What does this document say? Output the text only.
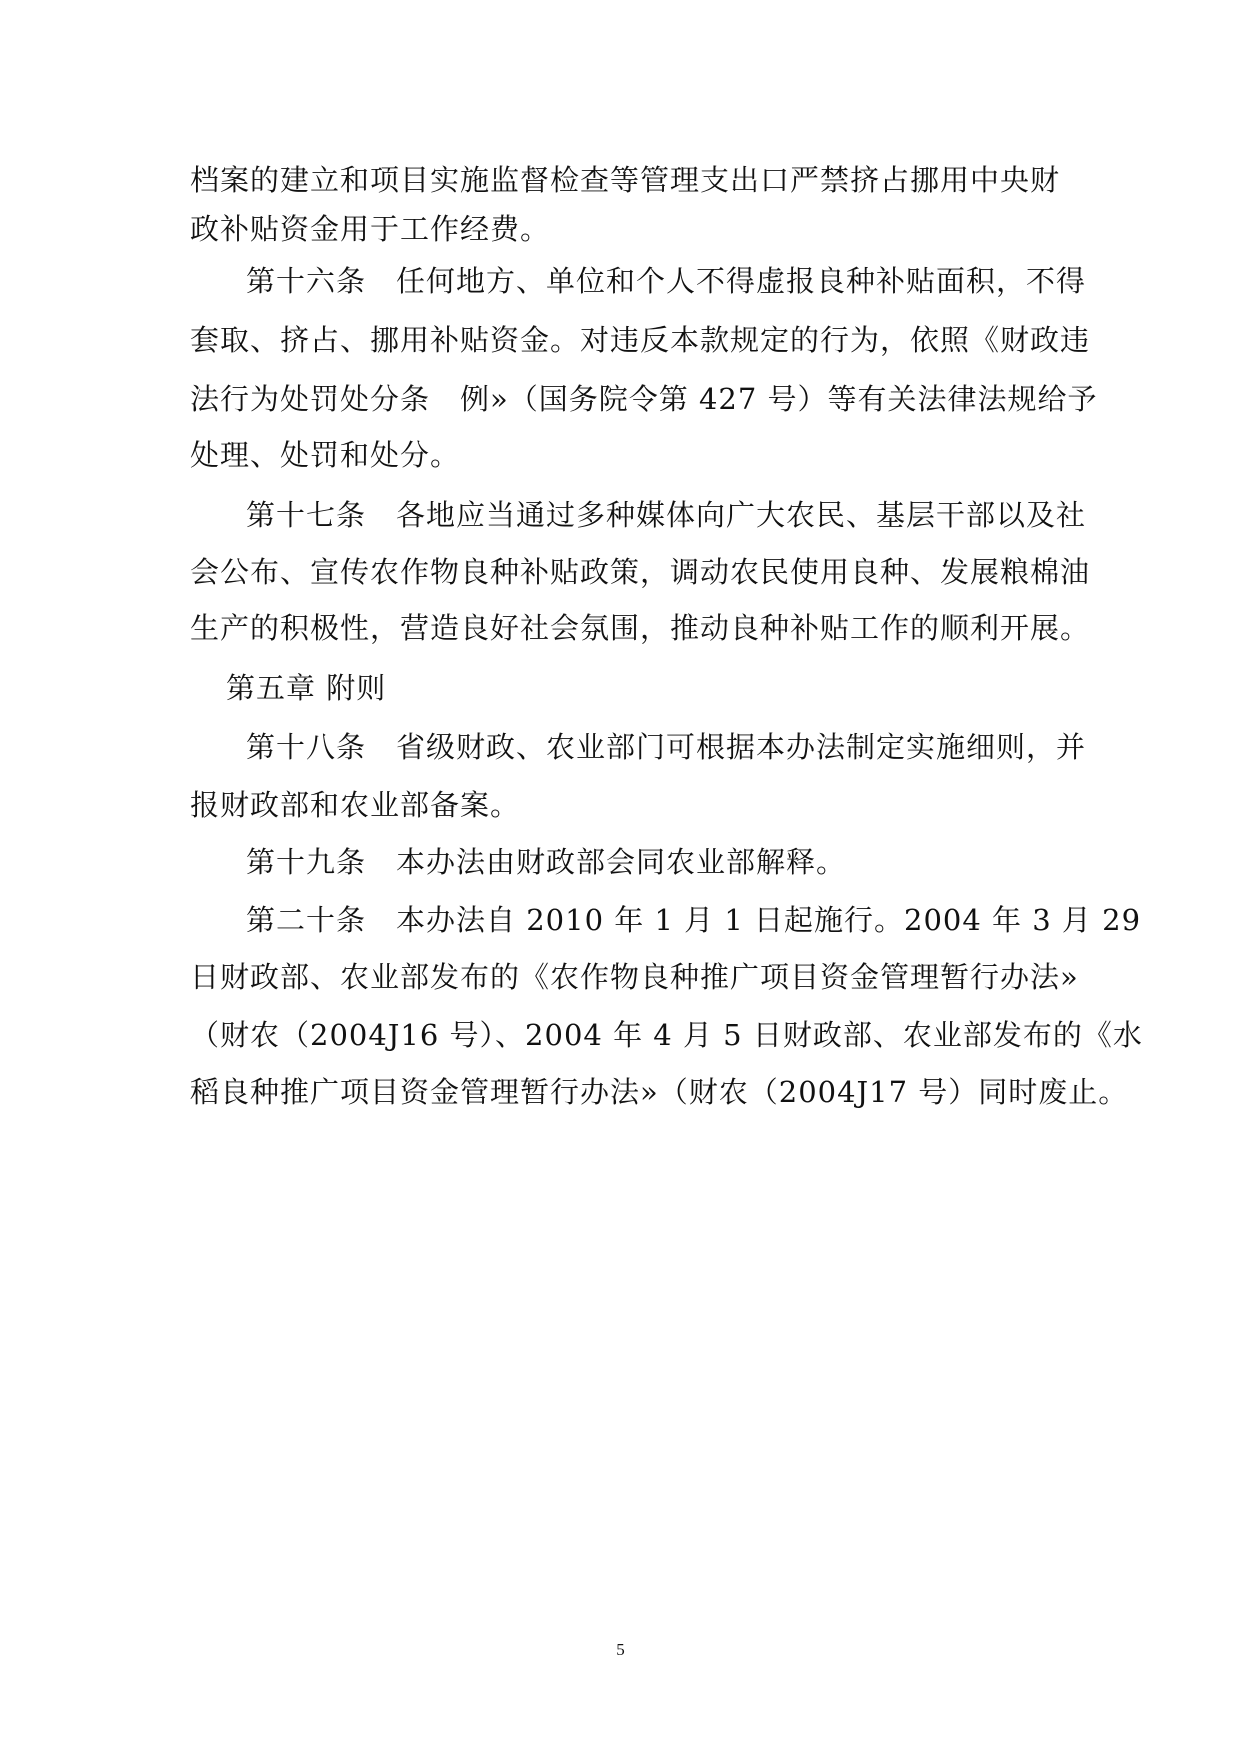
档案的建立和项目实施监督检查等管理支出口严禁挤占挪用中央财
政补贴资金用于工作经费。
第十六条　任何地方、单位和个人不得虚报良种补贴面积，不得
套取、挤占、挪用补贴资金。对违反本款规定的行为，依照《财政违
法行为处罚处分条　例»（国务院令第 427 号）等有关法律法规给予
处理、处罚和处分。
第十七条　各地应当通过多种媒体向广大农民、基层干部以及社
会公布、宣传农作物良种补贴政策，调动农民使用良种、发展粮棉油
生产的积极性，营造良好社会氛围，推动良种补贴工作的顺利开展。
第五章 附则
第十八条　省级财政、农业部门可根据本办法制定实施细则，并
报财政部和农业部备案。
第十九条　本办法由财政部会同农业部解释。
第二十条　本办法自 2010 年 1 月 1 日起施行。2004 年 3 月 29
日财政部、农业部发布的《农作物良种推广项目资金管理暂行办法»
（财农（2004J16 号）、2004 年 4 月 5 日财政部、农业部发布的《水
稻良种推广项目资金管理暂行办法»（财农（2004J17 号）同时废止。
5
